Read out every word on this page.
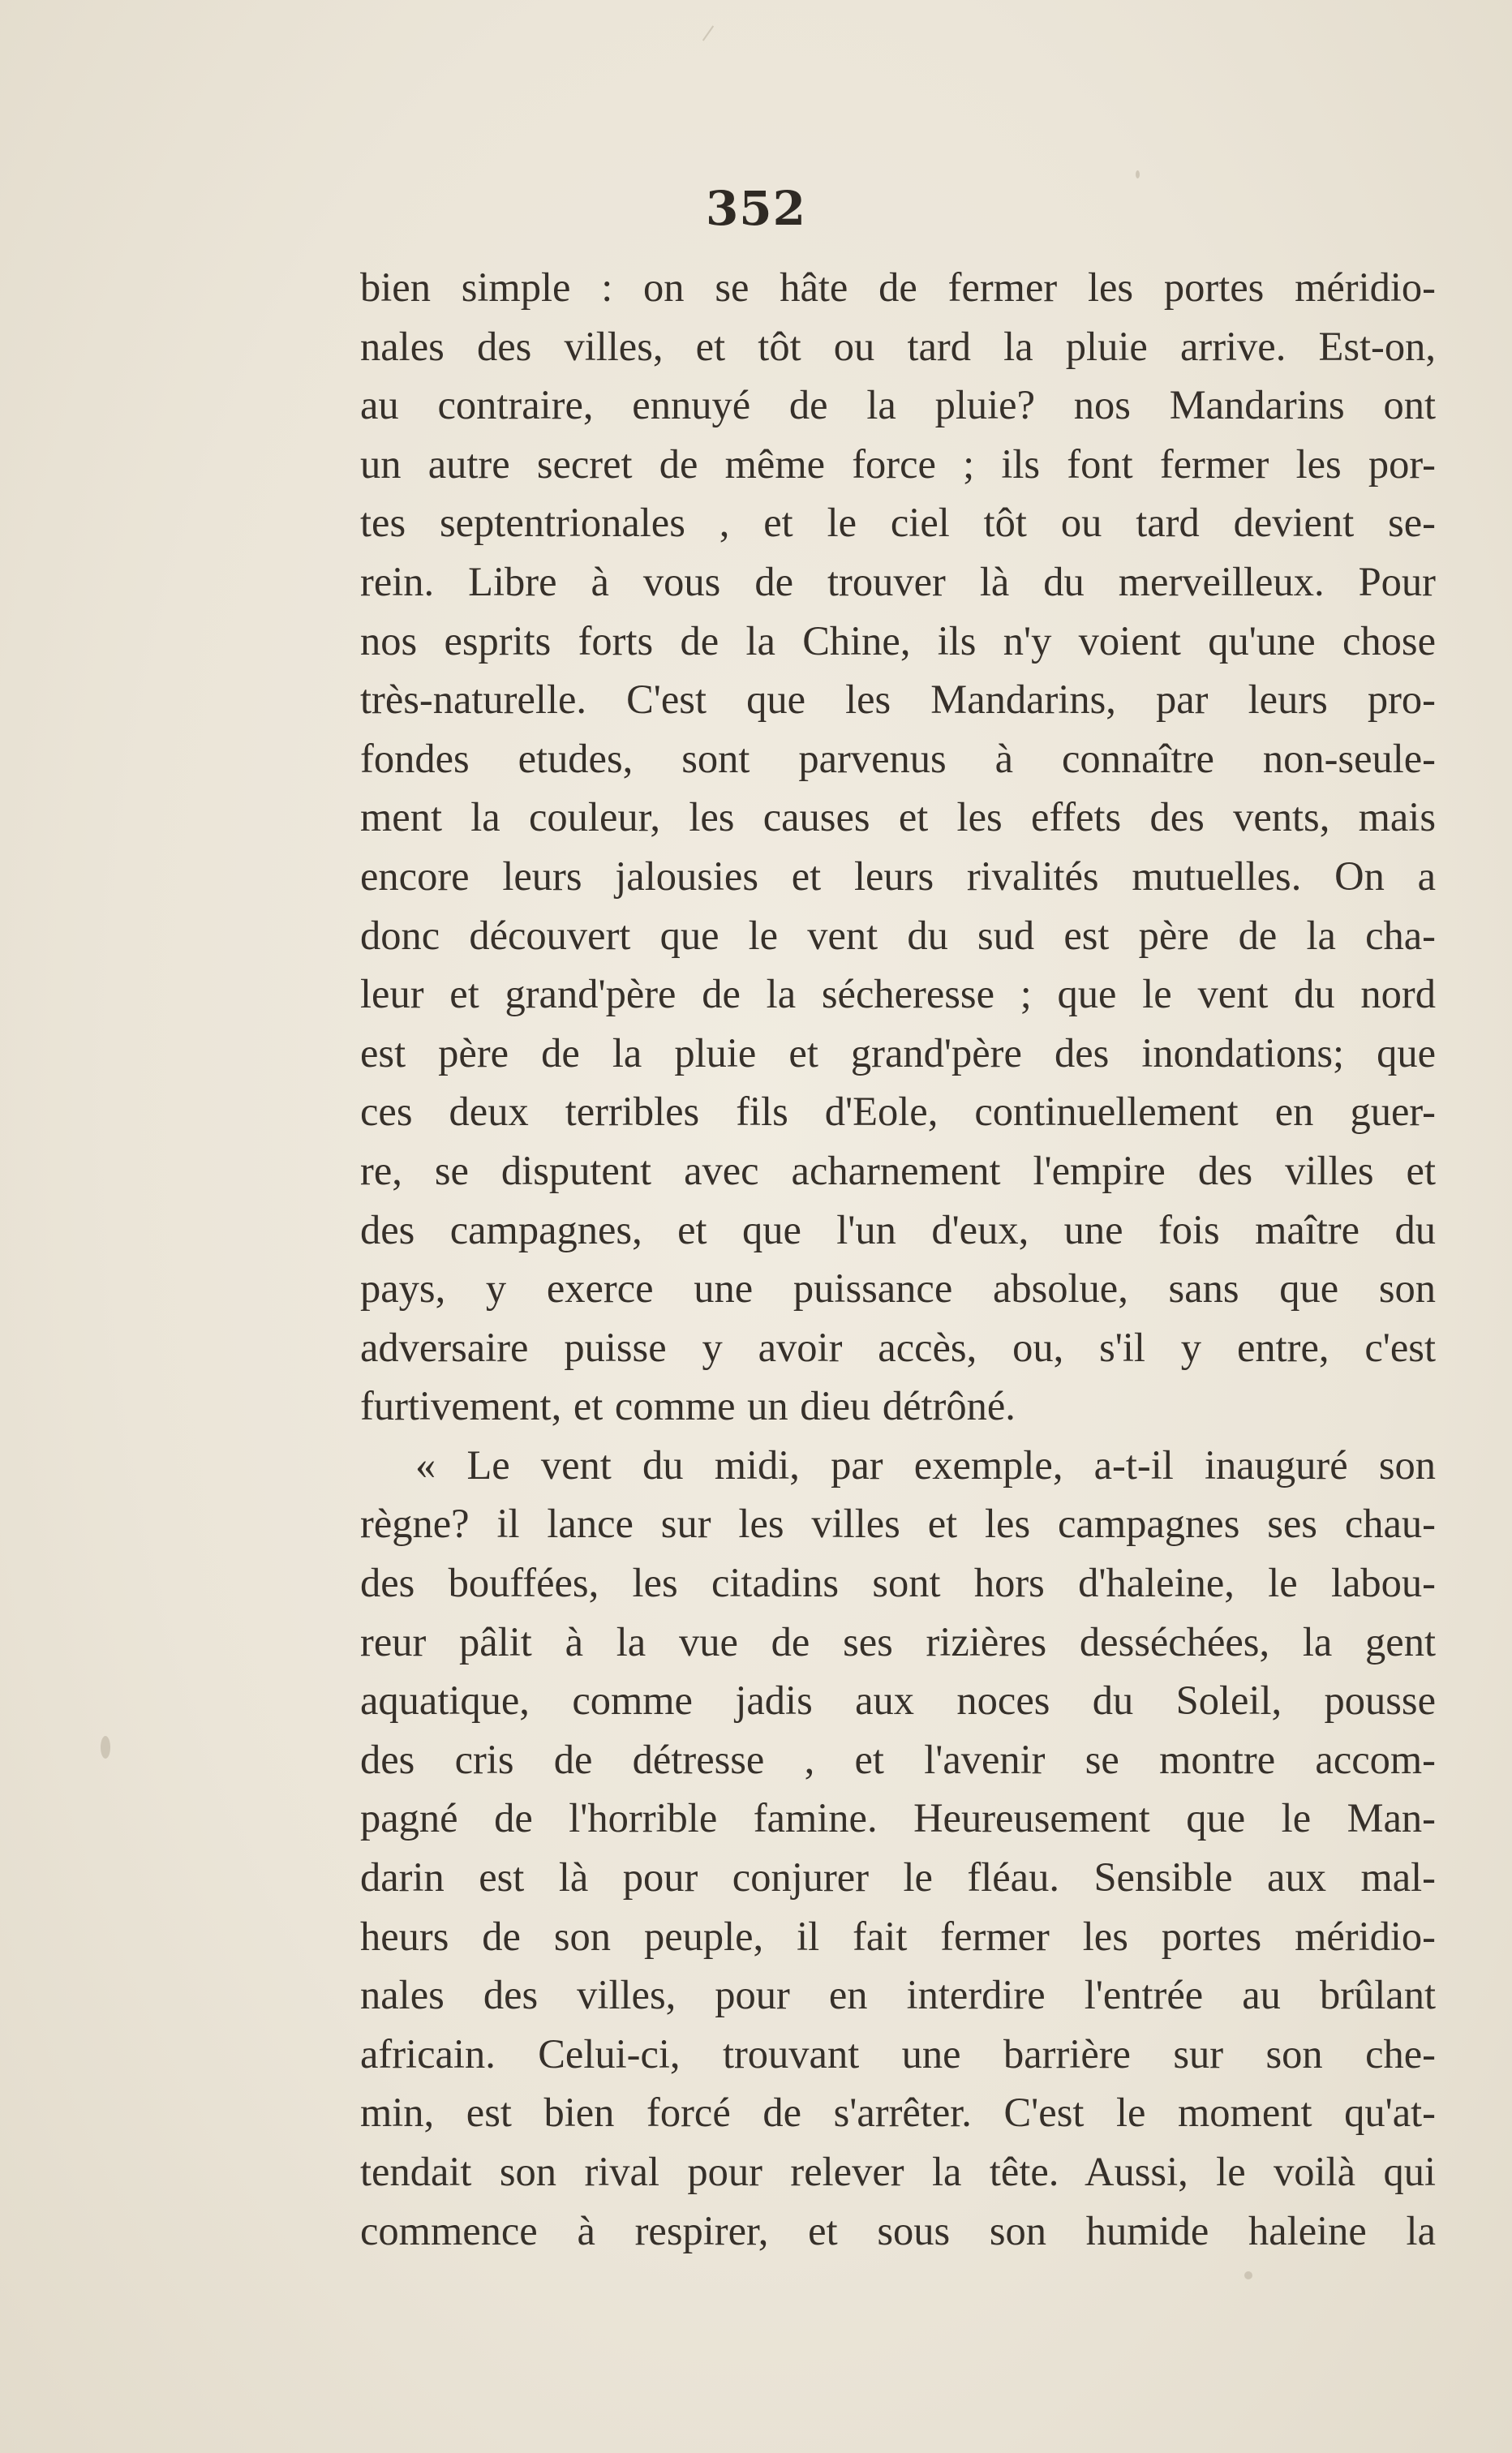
352
bien simple : on se hâte de fermer les portes méridio-
nales des villes, et tôt ou tard la pluie arrive. Est-on,
au contraire, ennuyé de la pluie? nos Mandarins ont
un autre secret de même force ; ils font fermer les por-
tes septentrionales , et le ciel tôt ou tard devient se-
rein. Libre à vous de trouver là du merveilleux. Pour
nos esprits forts de la Chine, ils n'y voient qu'une chose
très-naturelle. C'est que les Mandarins, par leurs pro-
fondes etudes, sont parvenus à connaître non-seule-
ment la couleur, les causes et les effets des vents, mais
encore leurs jalousies et leurs rivalités mutuelles. On a
donc découvert que le vent du sud est père de la cha-
leur et grand'père de la sécheresse ; que le vent du nord
est père de la pluie et grand'père des inondations; que
ces deux terribles fils d'Eole, continuellement en guer-
re, se disputent avec acharnement l'empire des villes et
des campagnes, et que l'un d'eux, une fois maître du
pays, y exerce une puissance absolue, sans que son
adversaire puisse y avoir accès, ou, s'il y entre, c'est
furtivement, et comme un dieu détrôné.
« Le vent du midi, par exemple, a-t-il inauguré son
règne? il lance sur les villes et les campagnes ses chau-
des bouffées, les citadins sont hors d'haleine, le labou-
reur pâlit à la vue de ses rizières desséchées, la gent
aquatique, comme jadis aux noces du Soleil, pousse
des cris de détresse , et l'avenir se montre accom-
pagné de l'horrible famine. Heureusement que le Man-
darin est là pour conjurer le fléau. Sensible aux mal-
heurs de son peuple, il fait fermer les portes méridio-
nales des villes, pour en interdire l'entrée au brûlant
africain. Celui-ci, trouvant une barrière sur son che-
min, est bien forcé de s'arrêter. C'est le moment qu'at-
tendait son rival pour relever la tête. Aussi, le voilà qui
commence à respirer, et sous son humide haleine la
